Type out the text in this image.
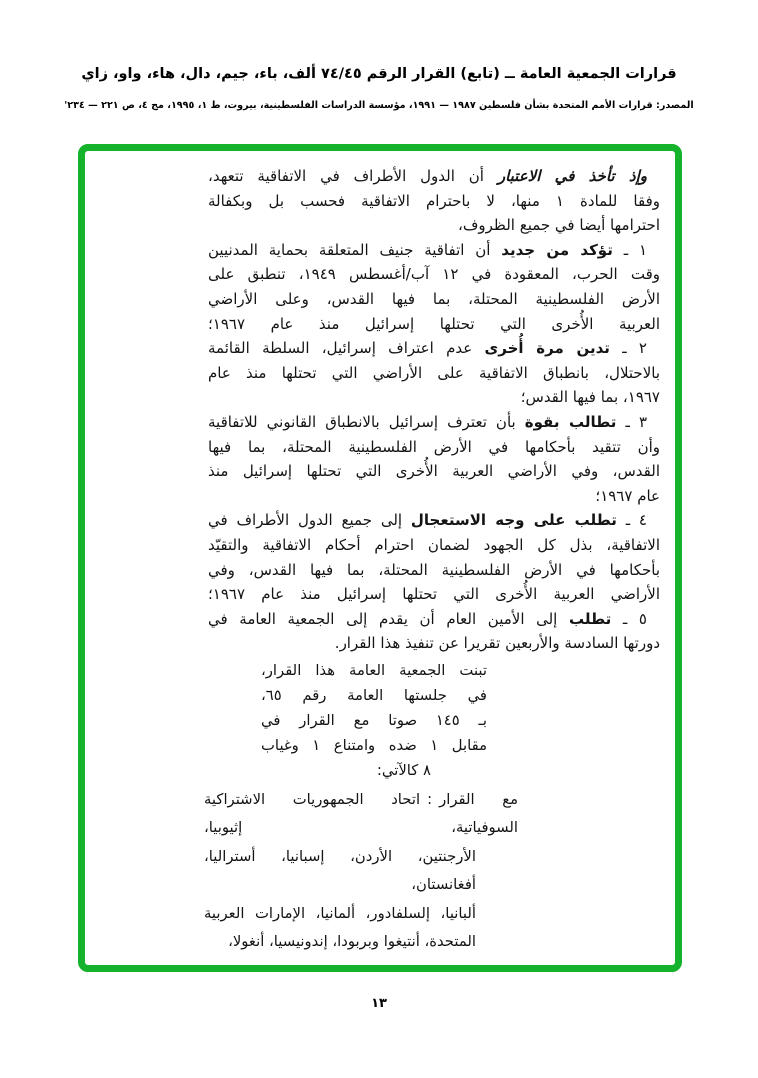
قرارات الجمعية العامة ــ (تابع) القرار الرقم ٧٤/٤٥ ألف، باء، جيم، دال، هاء، واو، زاي
المصدر: قرارات الأمم المتحدة بشأن فلسطين ١٩٨٧ — ١٩٩١، مؤسسة الدراسات الفلسطينية، بيروت، ط ١، ١٩٩٥، مج ٤، ص ٢٢١ — ٢٣٤'
وإذ تأخذ في الاعتبار أن الدول الأطراف في الاتفاقية تتعهد،
وفقا للمادة ١ منها، لا باحترام الاتفاقية فحسب بل وبكفالة
احترامها أيضا في جميع الظروف،
١ ـ تؤكد من جديد أن اتفاقية جنيف المتعلقة بحماية المدنيين
وقت الحرب، المعقودة في ١٢ آب/أغسطس ١٩٤٩، تنطبق على
الأرض الفلسطينية المحتلة، بما فيها القدس، وعلى الأراضي
العربية الأُخرى التي تحتلها إسرائيل منذ عام ١٩٦٧؛
٢ ـ تدين مرة أُخرى عدم اعتراف إسرائيل، السلطة القائمة
بالاحتلال، بانطباق الاتفاقية على الأراضي التي تحتلها منذ عام
١٩٦٧، بما فيها القدس؛
٣ ـ تطالب بقوة بأن تعترف إسرائيل بالانطباق القانوني للاتفاقية
وأن تتقيد بأحكامها في الأرض الفلسطينية المحتلة، بما فيها
القدس، وفي الأراضي العربية الأُخرى التي تحتلها إسرائيل منذ
عام ١٩٦٧؛
٤ ـ تطلب على وجه الاستعجال إلى جميع الدول الأطراف في
الاتفاقية، بذل كل الجهود لضمان احترام أحكام الاتفاقية والتقيّد
بأحكامها في الأرض الفلسطينية المحتلة، بما فيها القدس، وفي
الأراضي العربية الأُخرى التي تحتلها إسرائيل منذ عام ١٩٦٧؛
٥ ـ تطلب إلى الأمين العام أن يقدم إلى الجمعية العامة في
دورتها السادسة والأربعين تقريرا عن تنفيذ هذا القرار.
تبنت الجمعية العامة هذا القرار،
في جلستها العامة رقم ٦٥،
بـ ١٤٥ صوتا مع القرار في
مقابل ١ ضده وامتناع ١ وغياب
٨ كالآتي:
مع القرار:اتحاد الجمهوريات الاشتراكية السوفياتية، إثيوبيا،
الأرجنتين، الأردن، إسبانيا، أستراليا، أفغانستان،
ألبانيا، إلسلفادور، ألمانيا، الإمارات العربية
المتحدة، أنتيغوا وبربودا، إندونيسيا، أنغولا،
١٣
